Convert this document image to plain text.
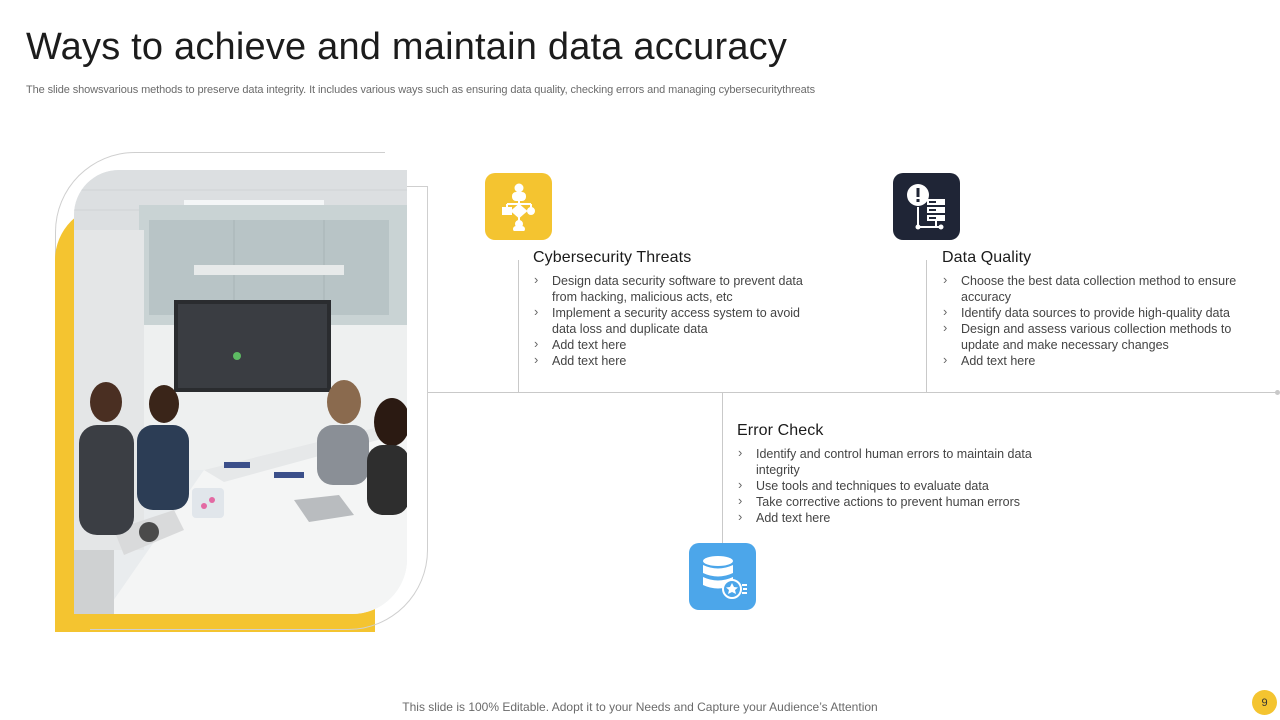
Ways to achieve and maintain data accuracy
The slide showsvarious methods to preserve data integrity. It includes various ways such as ensuring data quality, checking errors and managing cybersecuritythreats
Cybersecurity Threats
› Design data security software to prevent data from hacking, malicious acts, etc
› Implement a security access system to avoid data loss and duplicate data
› Add text here
› Add text here
Data Quality
› Choose the best data collection method to ensure accuracy
› Identify data sources to provide high-quality data
› Design and assess various collection methods to update and make necessary changes
› Add text here
Error Check
› Identify and control human errors to maintain data integrity
› Use tools and techniques to evaluate data
› Take corrective actions to prevent human errors
› Add text here
This slide is 100% Editable. Adopt it to your Needs and Capture your Audience’s Attention	9
